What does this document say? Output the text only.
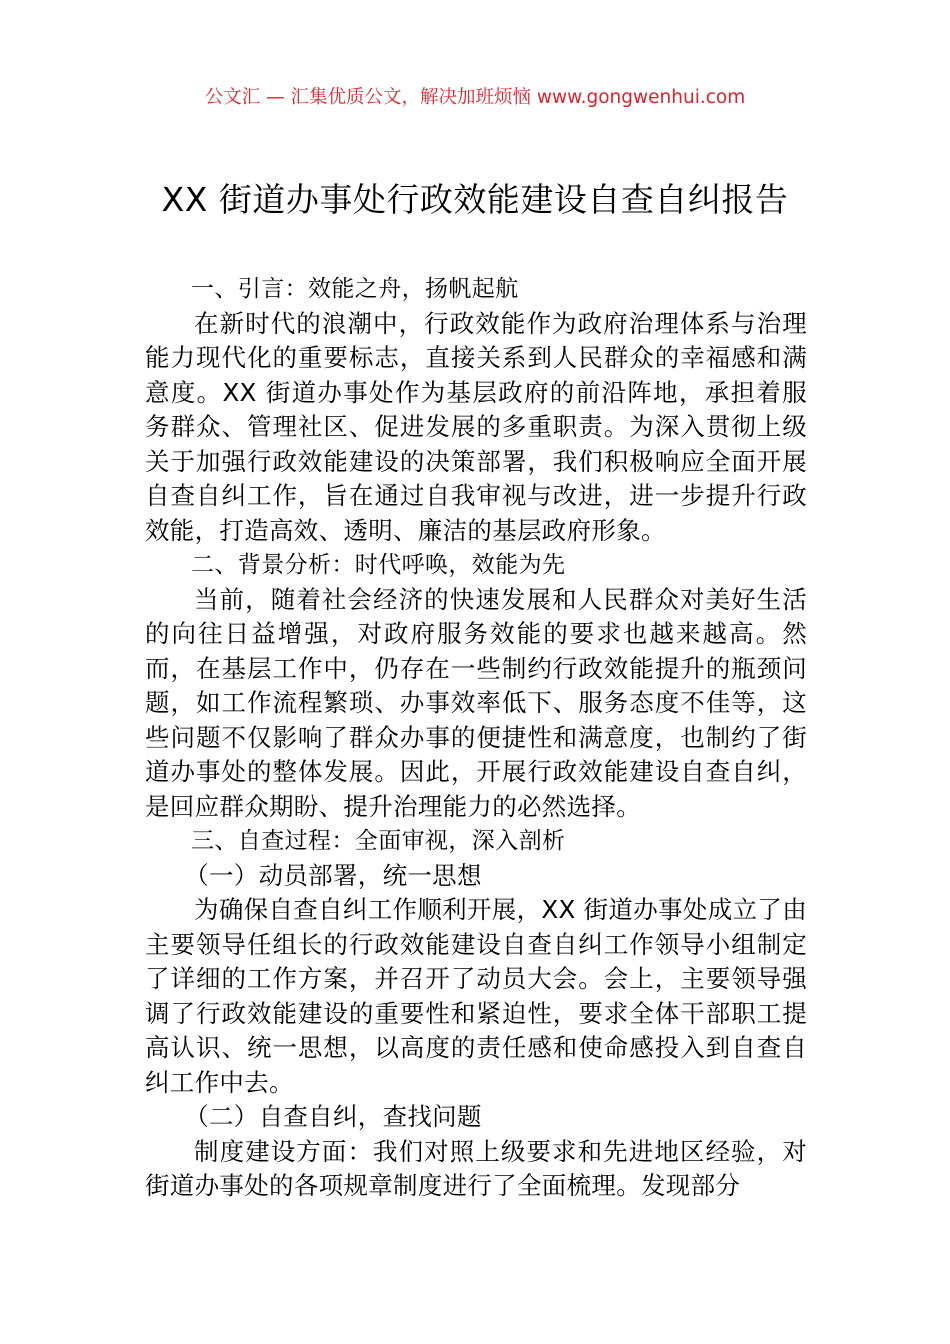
公文汇 — 汇集优质公文，解决加班烦恼 www.gongwenhui.com
XX 街道办事处行政效能建设自查自纠报告

一、引言：效能之舟，扬帆起航

在新时代的浪潮中，行政效能作为政府治理体系与治理能力现代化的重要标志，直接关系到人民群众的幸福感和满意度。XX 街道办事处作为基层政府的前沿阵地，承担着服务群众、管理社区、促进发展的多重职责。为深入贯彻上级关于加强行政效能建设的决策部署，我们积极响应全面开展自查自纠工作，旨在通过自我审视与改进，进一步提升行政效能，打造高效、透明、廉洁的基层政府形象。

二、背景分析：时代呼唤，效能为先

当前，随着社会经济的快速发展和人民群众对美好生活的向往日益增强，对政府服务效能的要求也越来越高。然而，在基层工作中，仍存在一些制约行政效能提升的瓶颈问题，如工作流程繁琐、办事效率低下、服务态度不佳等，这些问题不仅影响了群众办事的便捷性和满意度，也制约了街道办事处的整体发展。因此，开展行政效能建设自查自纠，是回应群众期盼、提升治理能力的必然选择。

三、自查过程：全面审视，深入剖析

（一）动员部署，统一思想

为确保自查自纠工作顺利开展，XX 街道办事处成立了由主要领导任组长的行政效能建设自查自纠工作领导小组制定了详细的工作方案，并召开了动员大会。会上，主要领导强调了行政效能建设的重要性和紧迫性，要求全体干部职工提高认识、统一思想，以高度的责任感和使命感投入到自查自纠工作中去。

（二）自查自纠，查找问题

制度建设方面：我们对照上级要求和先进地区经验，对街道办事处的各项规章制度进行了全面梳理。发现部分
